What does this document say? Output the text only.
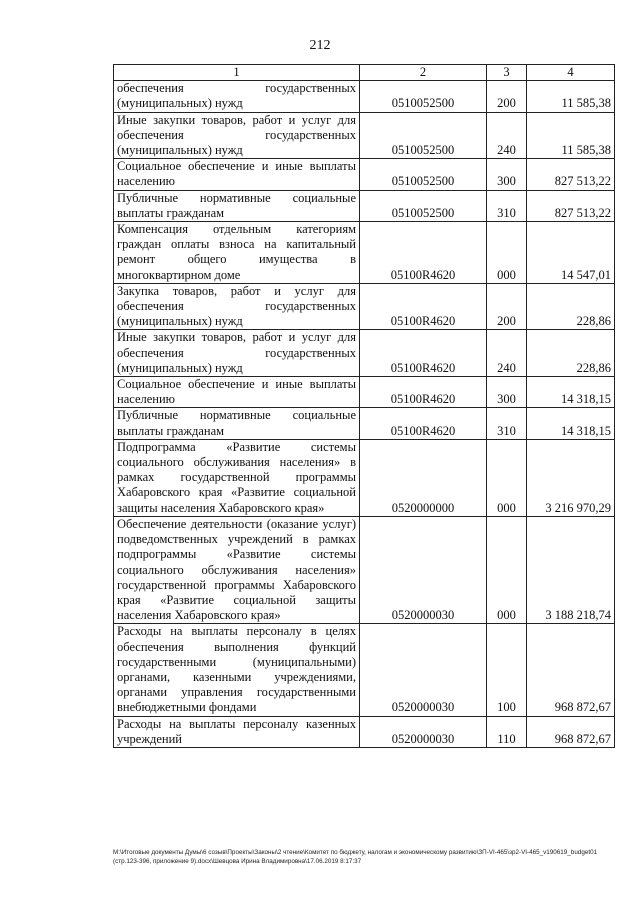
212
1	2	3	4
обеспечения государственных (муниципальных) нужд	0510052500	200	11 585,38
Иные закупки товаров, работ и услуг для обеспечения государственных (муниципальных) нужд	0510052500	240	11 585,38
Социальное обеспечение и иные выплаты населению	0510052500	300	827 513,22
Публичные нормативные социальные выплаты гражданам	0510052500	310	827 513,22
Компенсация отдельным категориям граждан оплаты взноса на капитальный ремонт общего имущества в многоквартирном доме	05100R4620	000	14 547,01
Закупка товаров, работ и услуг для обеспечения государственных (муниципальных) нужд	05100R4620	200	228,86
Иные закупки товаров, работ и услуг для обеспечения государственных (муниципальных) нужд	05100R4620	240	228,86
Социальное обеспечение и иные выплаты населению	05100R4620	300	14 318,15
Публичные нормативные социальные выплаты гражданам	05100R4620	310	14 318,15
Подпрограмма «Развитие системы социального обслуживания населения» в рамках государственной программы Хабаровского края «Развитие социальной защиты населения Хабаровского края»	0520000000	000	3 216 970,29
Обеспечение деятельности (оказание услуг) подведомственных учреждений в рамках подпрограммы «Развитие системы социального обслуживания населения» государственной программы Хабаровского края «Развитие социальной защиты населения Хабаровского края»	0520000030	000	3 188 218,74
Расходы на выплаты персоналу в целях обеспечения выполнения функций государственными (муниципальными) органами, казенными учреждениями, органами управления государственными внебюджетными фондами	0520000030	100	968 872,67
Расходы на выплаты персоналу казенных учреждений	0520000030	110	968 872,67
M:\Итоговые документы Думы\6 созыв\Проекты\Законы\2 чтение\Комитет по бюджету, налогам и экономическому развитию\ЗП-VI-465\зр2-VI-465_v190619_budget01 (стр.123-396, приложение 9).docx\Шевцова Ирина Владимировна\17.06.2019 8:17:37
